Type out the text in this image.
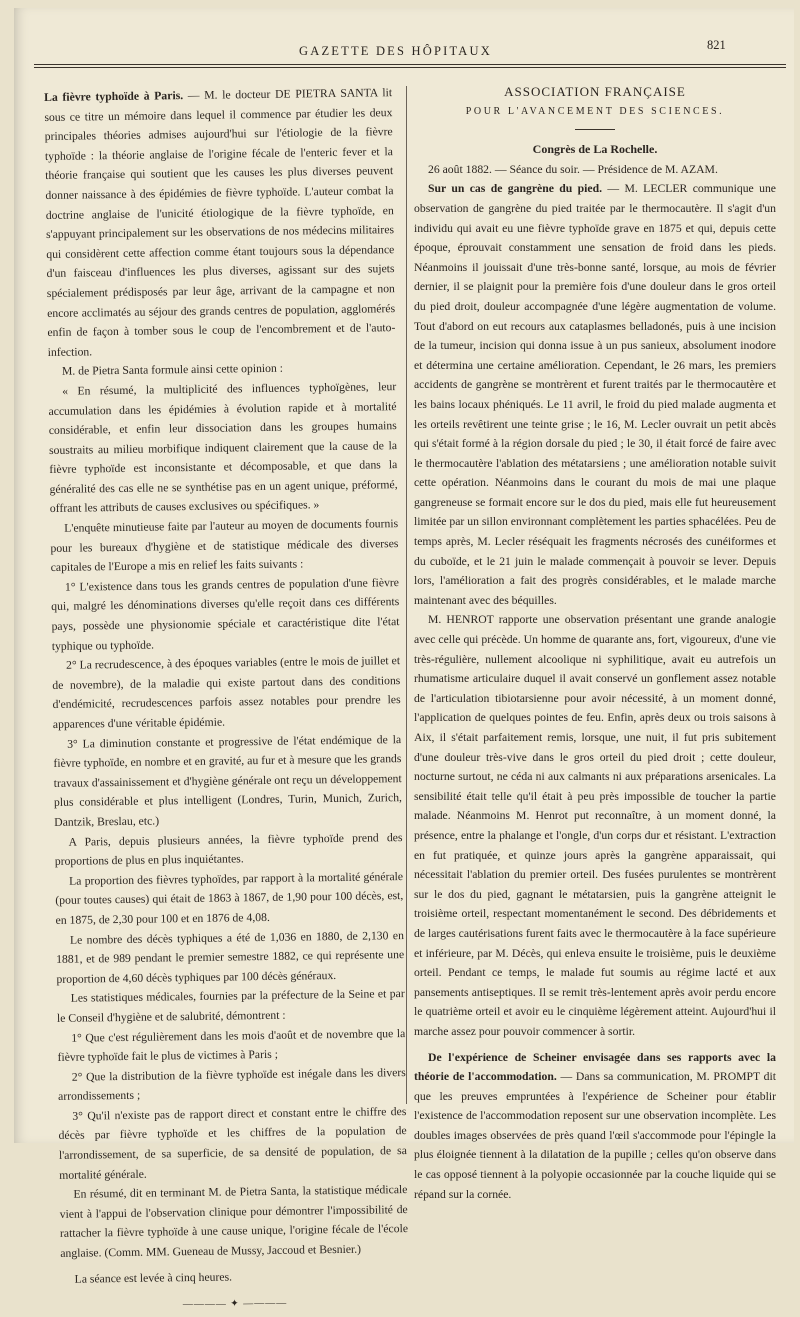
GAZETTE DES HÔPITAUX	821

La fièvre typhoïde à Paris. — M. le docteur DE PIETRA SANTA lit sous ce titre un mémoire dans lequel il commence par étudier les deux principales théories admises aujourd'hui sur l'étiologie de la fièvre typhoïde : la théorie anglaise de l'origine fécale de l'enteric fever et la théorie française qui soutient que les causes les plus diverses peuvent donner naissance à des épidémies de fièvre typhoïde. L'auteur combat la doctrine anglaise de l'unicité étiologique de la fièvre typhoïde, en s'appuyant principalement sur les observations de nos médecins militaires qui considèrent cette affection comme étant toujours sous la dépendance d'un faisceau d'influences les plus diverses, agissant sur des sujets spécialement prédisposés par leur âge, arrivant de la campagne et non encore acclimatés au séjour des grands centres de population, agglomérés enfin de façon à tomber sous le coup de l'encombrement et de l'auto-infection.

M. de Pietra Santa formule ainsi cette opinion :

« En résumé, la multiplicité des influences typhoïgènes, leur accumulation dans les épidémies à évolution rapide et à mortalité considérable, et enfin leur dissociation dans les groupes humains soustraits au milieu morbifique indiquent clairement que la cause de la fièvre typhoïde est inconsistante et décomposable, et que dans la généralité des cas elle ne se synthétise pas en un agent unique, préformé, offrant les attributs de causes exclusives ou spécifiques. »

L'enquête minutieuse faite par l'auteur au moyen de documents fournis pour les bureaux d'hygiène et de statistique médicale des diverses capitales de l'Europe a mis en relief les faits suivants :

1° L'existence dans tous les grands centres de population d'une fièvre qui, malgré les dénominations diverses qu'elle reçoit dans ces différents pays, possède une physionomie spéciale et caractéristique dite l'état typhique ou typhoïde.

2° La recrudescence, à des époques variables (entre le mois de juillet et de novembre), de la maladie qui existe partout dans des conditions d'endémicité, recrudescences parfois assez notables pour prendre les apparences d'une véritable épidémie.

3° La diminution constante et progressive de l'état endémique de la fièvre typhoïde, en nombre et en gravité, au fur et à mesure que les grands travaux d'assainissement et d'hygiène générale ont reçu un développement plus considérable et plus intelligent (Londres, Turin, Munich, Zurich, Dantzik, Breslau, etc.)

A Paris, depuis plusieurs années, la fièvre typhoïde prend des proportions de plus en plus inquiétantes.

La proportion des fièvres typhoïdes, par rapport à la mortalité générale (pour toutes causes) qui était de 1863 à 1867, de 1,90 pour 100 décès, est, en 1875, de 2,30 pour 100 et en 1876 de 4,08.

Le nombre des décès typhiques a été de 1,036 en 1880, de 2,130 en 1881, et de 989 pendant le premier semestre 1882, ce qui représente une proportion de 4,60 décès typhiques par 100 décès généraux.

Les statistiques médicales, fournies par la préfecture de la Seine et par le Conseil d'hygiène et de salubrité, démontrent :

1° Que c'est régulièrement dans les mois d'août et de novembre que la fièvre typhoïde fait le plus de victimes à Paris ;

2° Que la distribution de la fièvre typhoïde est inégale dans les divers arrondissements ;

3° Qu'il n'existe pas de rapport direct et constant entre le chiffre des décès par fièvre typhoïde et les chiffres de la population de l'arrondissement, de sa superficie, de sa densité de population, de sa mortalité générale.

En résumé, dit en terminant M. de Pietra Santa, la statistique médicale vient à l'appui de l'observation clinique pour démontrer l'impossibilité de rattacher la fièvre typhoïde à une cause unique, l'origine fécale de l'école anglaise. (Comm. MM. Gueneau de Mussy, Jaccoud et Besnier.)

La séance est levée à cinq heures.

———— ✦ ————

ASSOCIATION FRANÇAISE

POUR L'AVANCEMENT DES SCIENCES.

Congrès de La Rochelle.

26 août 1882. — Séance du soir. — Présidence de M. AZAM.

Sur un cas de gangrène du pied. — M. LECLER communique une observation de gangrène du pied traitée par le thermocautère. Il s'agit d'un individu qui avait eu une fièvre typhoïde grave en 1875 et qui, depuis cette époque, éprouvait constamment une sensation de froid dans les pieds. Néanmoins il jouissait d'une très-bonne santé, lorsque, au mois de février dernier, il se plaignit pour la première fois d'une douleur dans le gros orteil du pied droit, douleur accompagnée d'une légère augmentation de volume. Tout d'abord on eut recours aux cataplasmes belladonés, puis à une incision de la tumeur, incision qui donna issue à un pus sanieux, absolument inodore et détermina une certaine amélioration. Cependant, le 26 mars, les premiers accidents de gangrène se montrèrent et furent traités par le thermocautère et les bains locaux phéniqués. Le 11 avril, le froid du pied malade augmenta et les orteils revêtirent une teinte grise ; le 16, M. Lecler ouvrait un petit abcès qui s'était formé à la région dorsale du pied ; le 30, il était forcé de faire avec le thermocautère l'ablation des métatarsiens ; une amélioration notable suivit cette opération. Néanmoins dans le courant du mois de mai une plaque gangreneuse se formait encore sur le dos du pied, mais elle fut heureusement limitée par un sillon environnant complètement les parties sphacélées. Peu de temps après, M. Lecler réséquait les fragments nécrosés des cunéiformes et du cuboïde, et le 21 juin le malade commençait à pouvoir se lever. Depuis lors, l'amélioration a fait des progrès considérables, et le malade marche maintenant avec des béquilles.

M. HENROT rapporte une observation présentant une grande analogie avec celle qui précède. Un homme de quarante ans, fort, vigoureux, d'une vie très-régulière, nullement alcoolique ni syphilitique, avait eu autrefois un rhumatisme articulaire duquel il avait conservé un gonflement assez notable de l'articulation tibiotarsienne pour avoir nécessité, à un moment donné, l'application de quelques pointes de feu. Enfin, après deux ou trois saisons à Aix, il s'était parfaitement remis, lorsque, une nuit, il fut pris subitement d'une douleur très-vive dans le gros orteil du pied droit ; cette douleur, nocturne surtout, ne céda ni aux calmants ni aux préparations arsenicales. La sensibilité était telle qu'il était à peu près impossible de toucher la partie malade. Néanmoins M. Henrot put reconnaître, à un moment donné, la présence, entre la phalange et l'ongle, d'un corps dur et résistant. L'extraction en fut pratiquée, et quinze jours après la gangrène apparaissait, qui nécessitait l'ablation du premier orteil. Des fusées purulentes se montrèrent sur le dos du pied, gagnant le métatarsien, puis la gangrène atteignit le troisième orteil, respectant momentanément le second. Des débridements et de larges cautérisations furent faits avec le thermocautère à la face supérieure et inférieure, par M. Décès, qui enleva ensuite le troisième, puis le deuxième orteil. Pendant ce temps, le malade fut soumis au régime lacté et aux pansements antiseptiques. Il se remit très-lentement après avoir perdu encore le quatrième orteil et avoir eu le cinquième légèrement atteint. Aujourd'hui il marche assez pour pouvoir commencer à sortir.

De l'expérience de Scheiner envisagée dans ses rapports avec la théorie de l'accommodation. — Dans sa communication, M. PROMPT dit que les preuves empruntées à l'expérience de Scheiner pour établir l'existence de l'accommodation reposent sur une observation incomplète. Les doubles images observées de près quand l'œil s'accommode pour l'épingle la plus éloignée tiennent à la dilatation de la pupille ; celles qu'on observe dans le cas opposé tiennent à la polyopie occasionnée par la couche liquide qui se répand sur la cornée.
